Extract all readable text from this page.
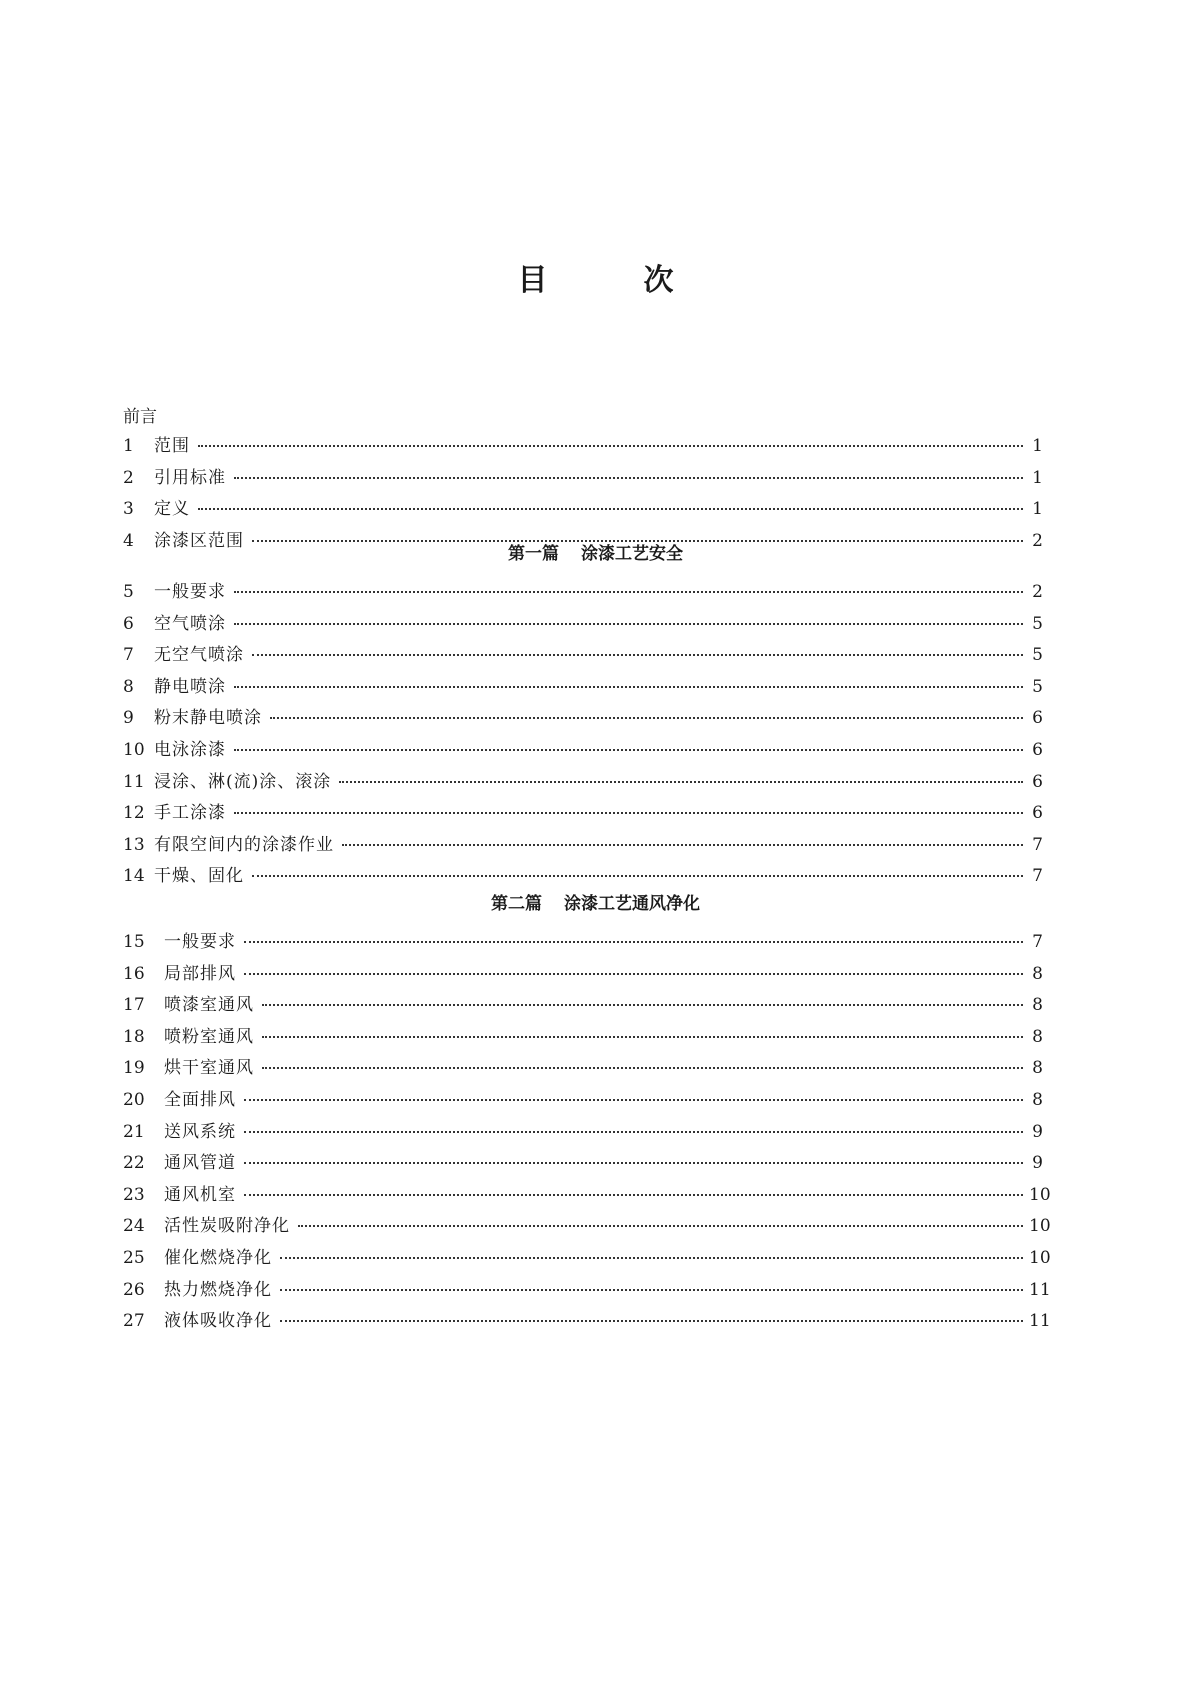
目	次
前言
1	范围	1
2	引用标准	1
3	定义	1
4	涂漆区范围	2
第一篇 涂漆工艺安全
5	一般要求	2
6	空气喷涂	5
7	无空气喷涂	5
8	静电喷涂	5
9	粉末静电喷涂	6
10 电泳涂漆	6
11 浸涂、淋(流)涂、滚涂	6
12 手工涂漆	6
13 有限空间内的涂漆作业	7
14 干燥、固化	7
第二篇 涂漆工艺通风净化
15	一般要求	7
16	局部排风	8
17	喷漆室通风	8
18	喷粉室通风	8
19	烘干室通风	8
20	全面排风	8
21	送风系统	9
22	通风管道	9
23	通风机室	10
24	活性炭吸附净化	10
25	催化燃烧净化	10
26	热力燃烧净化	11
27	液体吸收净化	11
